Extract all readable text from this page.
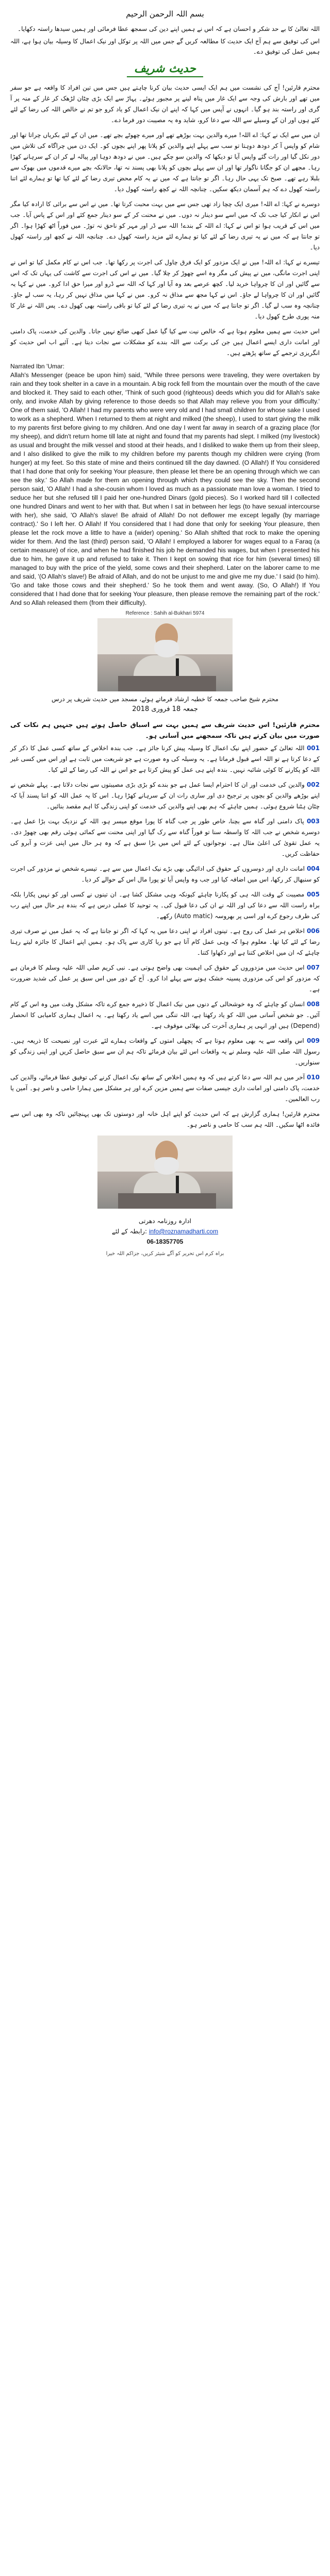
بسم اللہ الرحمن الرحیم

اللہ تعالیٰ کا بے حد شکر و احسان ہے کہ اس نے ہمیں اپنے دین کی سمجھ عطا فرمائی اور ہمیں سیدھا راستہ دکھایا۔

اس کی توفیق سے ہم آج ایک حدیث کا مطالعہ کریں گے جس میں اللہ پر توکل اور نیک اعمال کا وسیلہ بیان ہوا ہے، اللہ ہمیں عمل کی توفیق دے۔

حدیث شریف

محترم قارئین! آج کی نشست میں ہم ایک ایسی حدیث بیان کرنا چاہتے ہیں جس میں تین افراد کا واقعہ ہے جو سفر میں تھے اور بارش کی وجہ سے ایک غار میں پناہ لینے پر مجبور ہوئے۔ پہاڑ سے ایک بڑی چٹان لڑھک کر غار کے منہ پر آ گری اور راستہ بند ہو گیا۔ انہوں نے آپس میں کہا کہ اپنے ان نیک اعمال کو یاد کرو جو تم نے خالص اللہ کی رضا کے لئے کئے ہوں اور ان کے وسیلے سے اللہ سے دعا کرو، شاید وہ یہ مصیبت دور فرما دے۔

ان میں سے ایک نے کہا: اے اللہ! میرے والدین بہت بوڑھے تھے اور میرے چھوٹے بچے تھے۔ میں ان کے لئے بکریاں چراتا تھا اور شام کو واپس آ کر دودھ دوہتا تو سب سے پہلے اپنے والدین کو پلاتا پھر اپنے بچوں کو۔ ایک دن میں چراگاہ کی تلاش میں دور نکل گیا اور رات گئے واپس آیا تو دیکھا کہ والدین سو چکے ہیں۔ میں نے دودھ دوہا اور پیالہ لے کر ان کے سرہانے کھڑا رہا۔ مجھے ان کو جگانا ناگوار تھا اور ان سے پہلے بچوں کو پلانا بھی پسند نہ تھا، حالانکہ بچے میرے قدموں میں بھوک سے بلبلا رہے تھے۔ صبح تک یہی حال رہا۔ اگر تو جانتا ہے کہ میں نے یہ کام محض تیری رضا کے لئے کیا تھا تو ہمارے لئے اتنا راستہ کھول دے کہ ہم آسمان دیکھ سکیں۔ چنانچہ اللہ نے کچھ راستہ کھول دیا۔

دوسرے نے کہا: اے اللہ! میری ایک چچا زاد تھی جس سے میں بہت محبت کرتا تھا۔ میں نے اس سے برائی کا ارادہ کیا مگر اس نے انکار کیا جب تک کہ میں اسے سو دینار نہ دوں۔ میں نے محنت کر کے سو دینار جمع کئے اور اس کے پاس آیا۔ جب میں اس کے قریب ہوا تو اس نے کہا: اے اللہ کے بندے! اللہ سے ڈر اور مہر کو ناحق نہ توڑ۔ میں فوراً اٹھ کھڑا ہوا۔ اگر تو جانتا ہے کہ میں نے یہ تیری رضا کے لئے کیا تو ہمارے لئے مزید راستہ کھول دے۔ چنانچہ اللہ نے کچھ اور راستہ کھول دیا۔

تیسرے نے کہا: اے اللہ! میں نے ایک مزدور کو ایک فرق چاول کی اجرت پر رکھا تھا۔ جب اس نے کام مکمل کیا تو اس نے اپنی اجرت مانگی، میں نے پیش کی مگر وہ اسے چھوڑ کر چلا گیا۔ میں نے اس کی اجرت سے کاشت کی یہاں تک کہ اس سے گائیں اور ان کا چرواہا خرید لیا۔ کچھ عرصے بعد وہ آیا اور کہا کہ اللہ سے ڈرو اور میرا حق ادا کرو۔ میں نے کہا یہ گائیں اور ان کا چرواہا لے جاؤ۔ اس نے کہا مجھ سے مذاق نہ کرو۔ میں نے کہا میں مذاق نہیں کر رہا، یہ سب لے جاؤ۔ چنانچہ وہ سب لے گیا۔ اگر تو جانتا ہے کہ میں نے یہ تیری رضا کے لئے کیا تو باقی راستہ بھی کھول دے۔ پس اللہ نے غار کا منہ پوری طرح کھول دیا۔

اس حدیث سے ہمیں معلوم ہوتا ہے کہ خالص نیت سے کیا گیا عمل کبھی ضائع نہیں جاتا۔ والدین کی خدمت، پاک دامنی اور امانت داری ایسے اعمال ہیں جن کی برکت سے اللہ بندے کو مشکلات سے نجات دیتا ہے۔ آئیے اب اس حدیث کو انگریزی ترجمے کے ساتھ پڑھتے ہیں۔

Narrated Ibn 'Umar:

Allah's Messenger (peace be upon him) said, "While three persons were traveling, they were overtaken by rain and they took shelter in a cave in a mountain. A big rock fell from the mountain over the mouth of the cave and blocked it. They said to each other, 'Think of such good (righteous) deeds which you did for Allah's sake only, and invoke Allah by giving reference to those deeds so that Allah may relieve you from your difficulty.' One of them said, 'O Allah! I had my parents who were very old and I had small children for whose sake I used to work as a shepherd. When I returned to them at night and milked (the sheep), I used to start giving the milk to my parents first before giving to my children. And one day I went far away in search of a grazing place (for my sheep), and didn't return home till late at night and found that my parents had slept. I milked (my livestock) as usual and brought the milk vessel and stood at their heads, and I disliked to wake them up from their sleep, and I also disliked to give the milk to my children before my parents though my children were crying (from hunger) at my feet. So this state of mine and theirs continued till the day dawned. (O Allah!) If You considered that I had done that only for seeking Your pleasure, then please let there be an opening through which we can see the sky.' So Allah made for them an opening through which they could see the sky. Then the second person said, 'O Allah! I had a she-cousin whom I loved as much as a passionate man love a woman. I tried to seduce her but she refused till I paid her one-hundred Dinars (gold pieces). So I worked hard till I collected one hundred Dinars and went to her with that. But when I sat in between her legs (to have sexual intercourse with her), she said, 'O Allah's slave! Be afraid of Allah! Do not deflower me except legally (by marriage contract).' So I left her. O Allah! If You considered that I had done that only for seeking Your pleasure, then please let the rock move a little to have a (wider) opening.' So Allah shifted that rock to make the opening wider for them. And the last (third) person said, 'O Allah! I employed a laborer for wages equal to a Faraq (a certain measure) of rice, and when he had finished his job he demanded his wages, but when I presented his due to him, he gave it up and refused to take it. Then I kept on sowing that rice for him (several times) till managed to buy with the price of the yield, some cows and their shepherd. Later on the laborer came to me and said, '(O Allah's slave!) Be afraid of Allah, and do not be unjust to me and give me my due.' I said (to him). 'Go and take those cows and their shepherd.' So he took them and went away. (So, O Allah!) If You considered that I had done that for seeking Your pleasure, then please remove the remaining part of the rock.' And so Allah released them (from their difficulty).

Reference : Sahih al-Bukhari 5974
محترم شیخ صاحب جمعہ کا خطبہ ارشاد فرماتے ہوئے، مسجد میں حدیث شریف پر درس
جمعہ 18 فروری 2018

محترم قارئین! اس حدیث شریف سے ہمیں بہت سے اسباق حاصل ہوتے ہیں جنہیں ہم نکات کی صورت میں بیان کرتے ہیں تاکہ سمجھنے میں آسانی ہو۔

001 اللہ تعالیٰ کے حضور اپنے نیک اعمال کا وسیلہ پیش کرنا جائز ہے۔ جب بندہ اخلاص کے ساتھ کسی عمل کا ذکر کر کے دعا کرتا ہے تو اللہ اسے قبول فرماتا ہے۔ یہ وسیلہ کی وہ صورت ہے جو شریعت میں ثابت ہے اور اس میں کسی غیر اللہ کو پکارنے کا کوئی شائبہ نہیں۔ بندہ اپنے ہی عمل کو پیش کرتا ہے جو اس نے اللہ کی رضا کے لئے کیا۔

002 والدین کی خدمت اور ان کا احترام ایسا عمل ہے جو بندے کو بڑی بڑی مصیبتوں سے نجات دلاتا ہے۔ پہلے شخص نے اپنے بوڑھے والدین کو بچوں پر ترجیح دی اور ساری رات ان کے سرہانے کھڑا رہا۔ اس کا یہ عمل اللہ کو اتنا پسند آیا کہ چٹان ہٹنا شروع ہوئی۔ ہمیں چاہئے کہ ہم بھی اپنے والدین کی خدمت کو اپنی زندگی کا اہم مقصد بنائیں۔

003 پاک دامنی اور گناہ سے بچنا، خاص طور پر جب گناہ کا پورا موقع میسر ہو، اللہ کے نزدیک بہت بڑا عمل ہے۔ دوسرے شخص نے جب اللہ کا واسطہ سنا تو فوراً گناہ سے رک گیا اور اپنی محنت سے کمائی ہوئی رقم بھی چھوڑ دی۔ یہ عمل تقویٰ کی اعلیٰ مثال ہے۔ نوجوانوں کے لئے اس میں بڑا سبق ہے کہ وہ ہر حال میں اپنی عزت و آبرو کی حفاظت کریں۔

004 امانت داری اور دوسروں کے حقوق کی ادائیگی بھی بڑے نیک اعمال میں سے ہے۔ تیسرے شخص نے مزدور کی اجرت کو سنبھال کر رکھا، اس میں اضافہ کیا اور جب وہ واپس آیا تو پورا مال اس کے حوالے کر دیا۔

005 مصیبت کے وقت اللہ ہی کو پکارنا چاہئے کیونکہ وہی مشکل کشا ہے۔ ان تینوں نے کسی اور کو نہیں پکارا بلکہ براہ راست اللہ سے دعا کی اور اللہ نے ان کی دعا قبول کی۔ یہ توحید کا عملی درس ہے کہ بندہ ہر حال میں اپنے رب کی طرف رجوع کرے اور اسی پر بھروسہ (Auto matic) رکھے۔

006 اخلاص ہر عمل کی روح ہے۔ تینوں افراد نے اپنی دعا میں یہ کہا کہ اگر تو جانتا ہے کہ یہ عمل میں نے صرف تیری رضا کے لئے کیا تھا۔ معلوم ہوا کہ وہی عمل کام آتا ہے جو ریا کاری سے پاک ہو۔ ہمیں اپنے اعمال کا جائزہ لیتے رہنا چاہئے کہ ان میں اخلاص کتنا ہے اور دکھاوا کتنا۔

007 اس حدیث میں مزدوروں کے حقوق کی اہمیت بھی واضح ہوتی ہے۔ نبی کریم صلی اللہ علیہ وسلم کا فرمان ہے کہ مزدور کو اس کی مزدوری پسینہ خشک ہونے سے پہلے ادا کرو۔ آج کے دور میں اس سبق پر عمل کی شدید ضرورت ہے۔

008 انسان کو چاہئے کہ وہ خوشحالی کے دنوں میں نیک اعمال کا ذخیرہ جمع کرے تاکہ مشکل وقت میں وہ اس کے کام آئیں۔ جو شخص آسانی میں اللہ کو یاد رکھتا ہے، اللہ تنگی میں اسے یاد رکھتا ہے۔ یہ اعمال ہماری کامیابی کا انحصار (Depend) ہیں اور انہی پر ہماری آخرت کی بھلائی موقوف ہے۔

009 اس واقعہ سے یہ بھی معلوم ہوتا ہے کہ پچھلی امتوں کے واقعات ہمارے لئے عبرت اور نصیحت کا ذریعہ ہیں۔ رسول اللہ صلی اللہ علیہ وسلم نے یہ واقعات اس لئے بیان فرمائے تاکہ ہم ان سے سبق حاصل کریں اور اپنی زندگی کو سنواریں۔

010 آخر میں ہم اللہ سے دعا کرتے ہیں کہ وہ ہمیں اخلاص کے ساتھ نیک اعمال کرنے کی توفیق عطا فرمائے، والدین کی خدمت، پاک دامنی اور امانت داری جیسی صفات سے ہمیں مزین کرے اور ہر مشکل میں ہمارا حامی و ناصر ہو۔ آمین یا رب العالمین۔

محترم قارئین! ہماری گزارش ہے کہ اس حدیث کو اپنے اہل خانہ اور دوستوں تک بھی پہنچائیں تاکہ وہ بھی اس سے فائدہ اٹھا سکیں۔ اللہ ہم سب کا حامی و ناصر ہو۔

ادارہ روزنامہ دھرتی
رابطہ کے لئے: info@roznamadharti.com
06-18357705
براہ کرم اس تحریر کو آگے شیئر کریں، جزاکم اللہ خیرا
